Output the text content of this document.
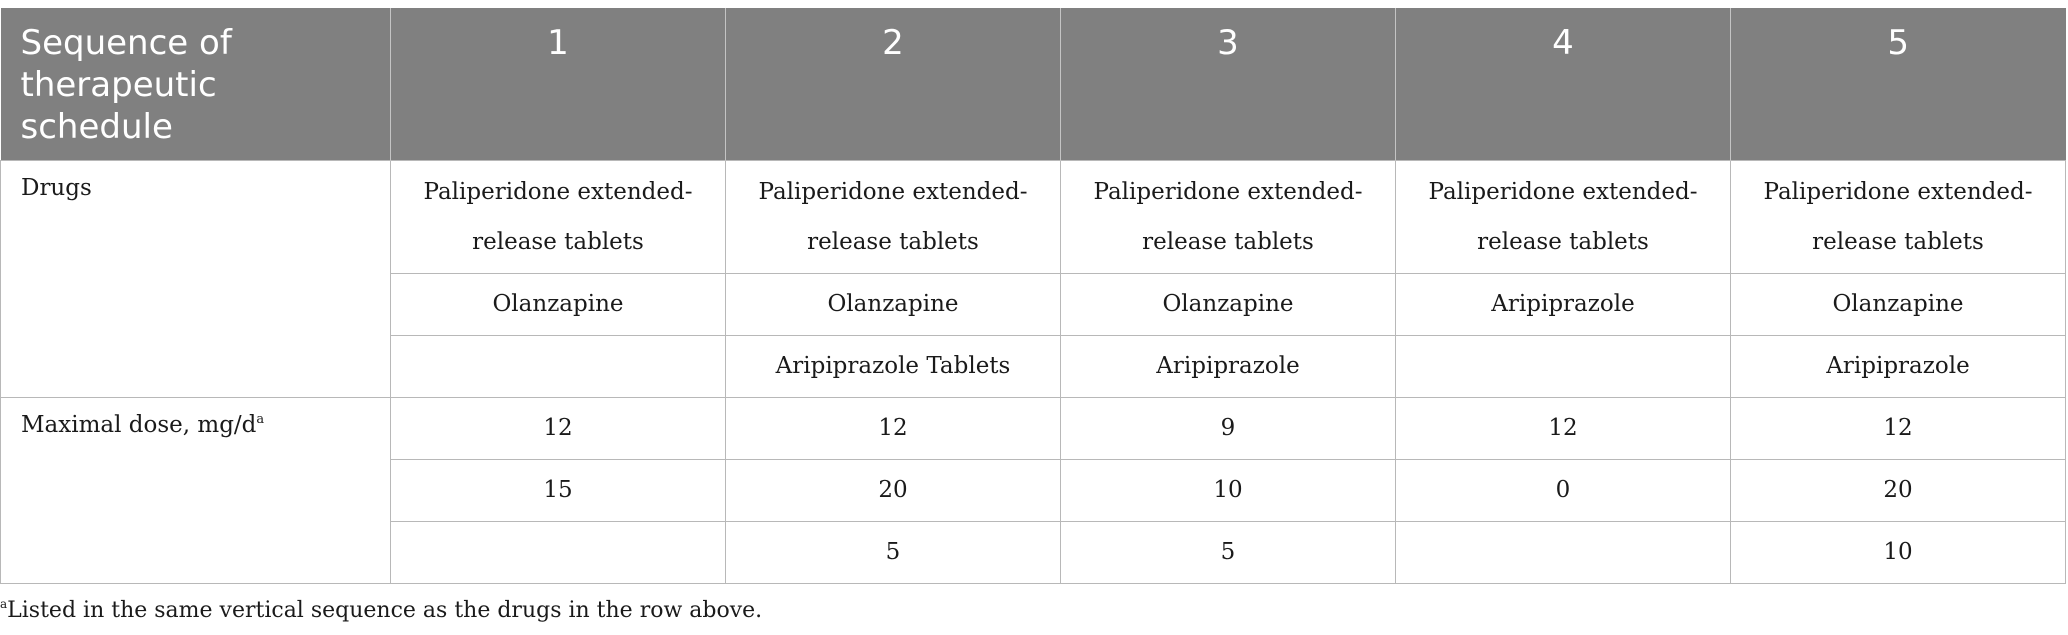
Sequence of therapeutic schedule	1	2	3	4	5
Drugs	Paliperidone extended-release tablets	Paliperidone extended-release tablets	Paliperidone extended-release tablets	Paliperidone extended-release tablets	Paliperidone extended-release tablets
	Olanzapine	Olanzapine	Olanzapine	Aripiprazole	Olanzapine
		Aripiprazole Tablets	Aripiprazole		Aripiprazole
Maximal dose, mg/d$^a$	12	12	9	12	12
	15	20	10	0	20
		5	5		10

$^a$Listed in the same vertical sequence as the drugs in the row above.
